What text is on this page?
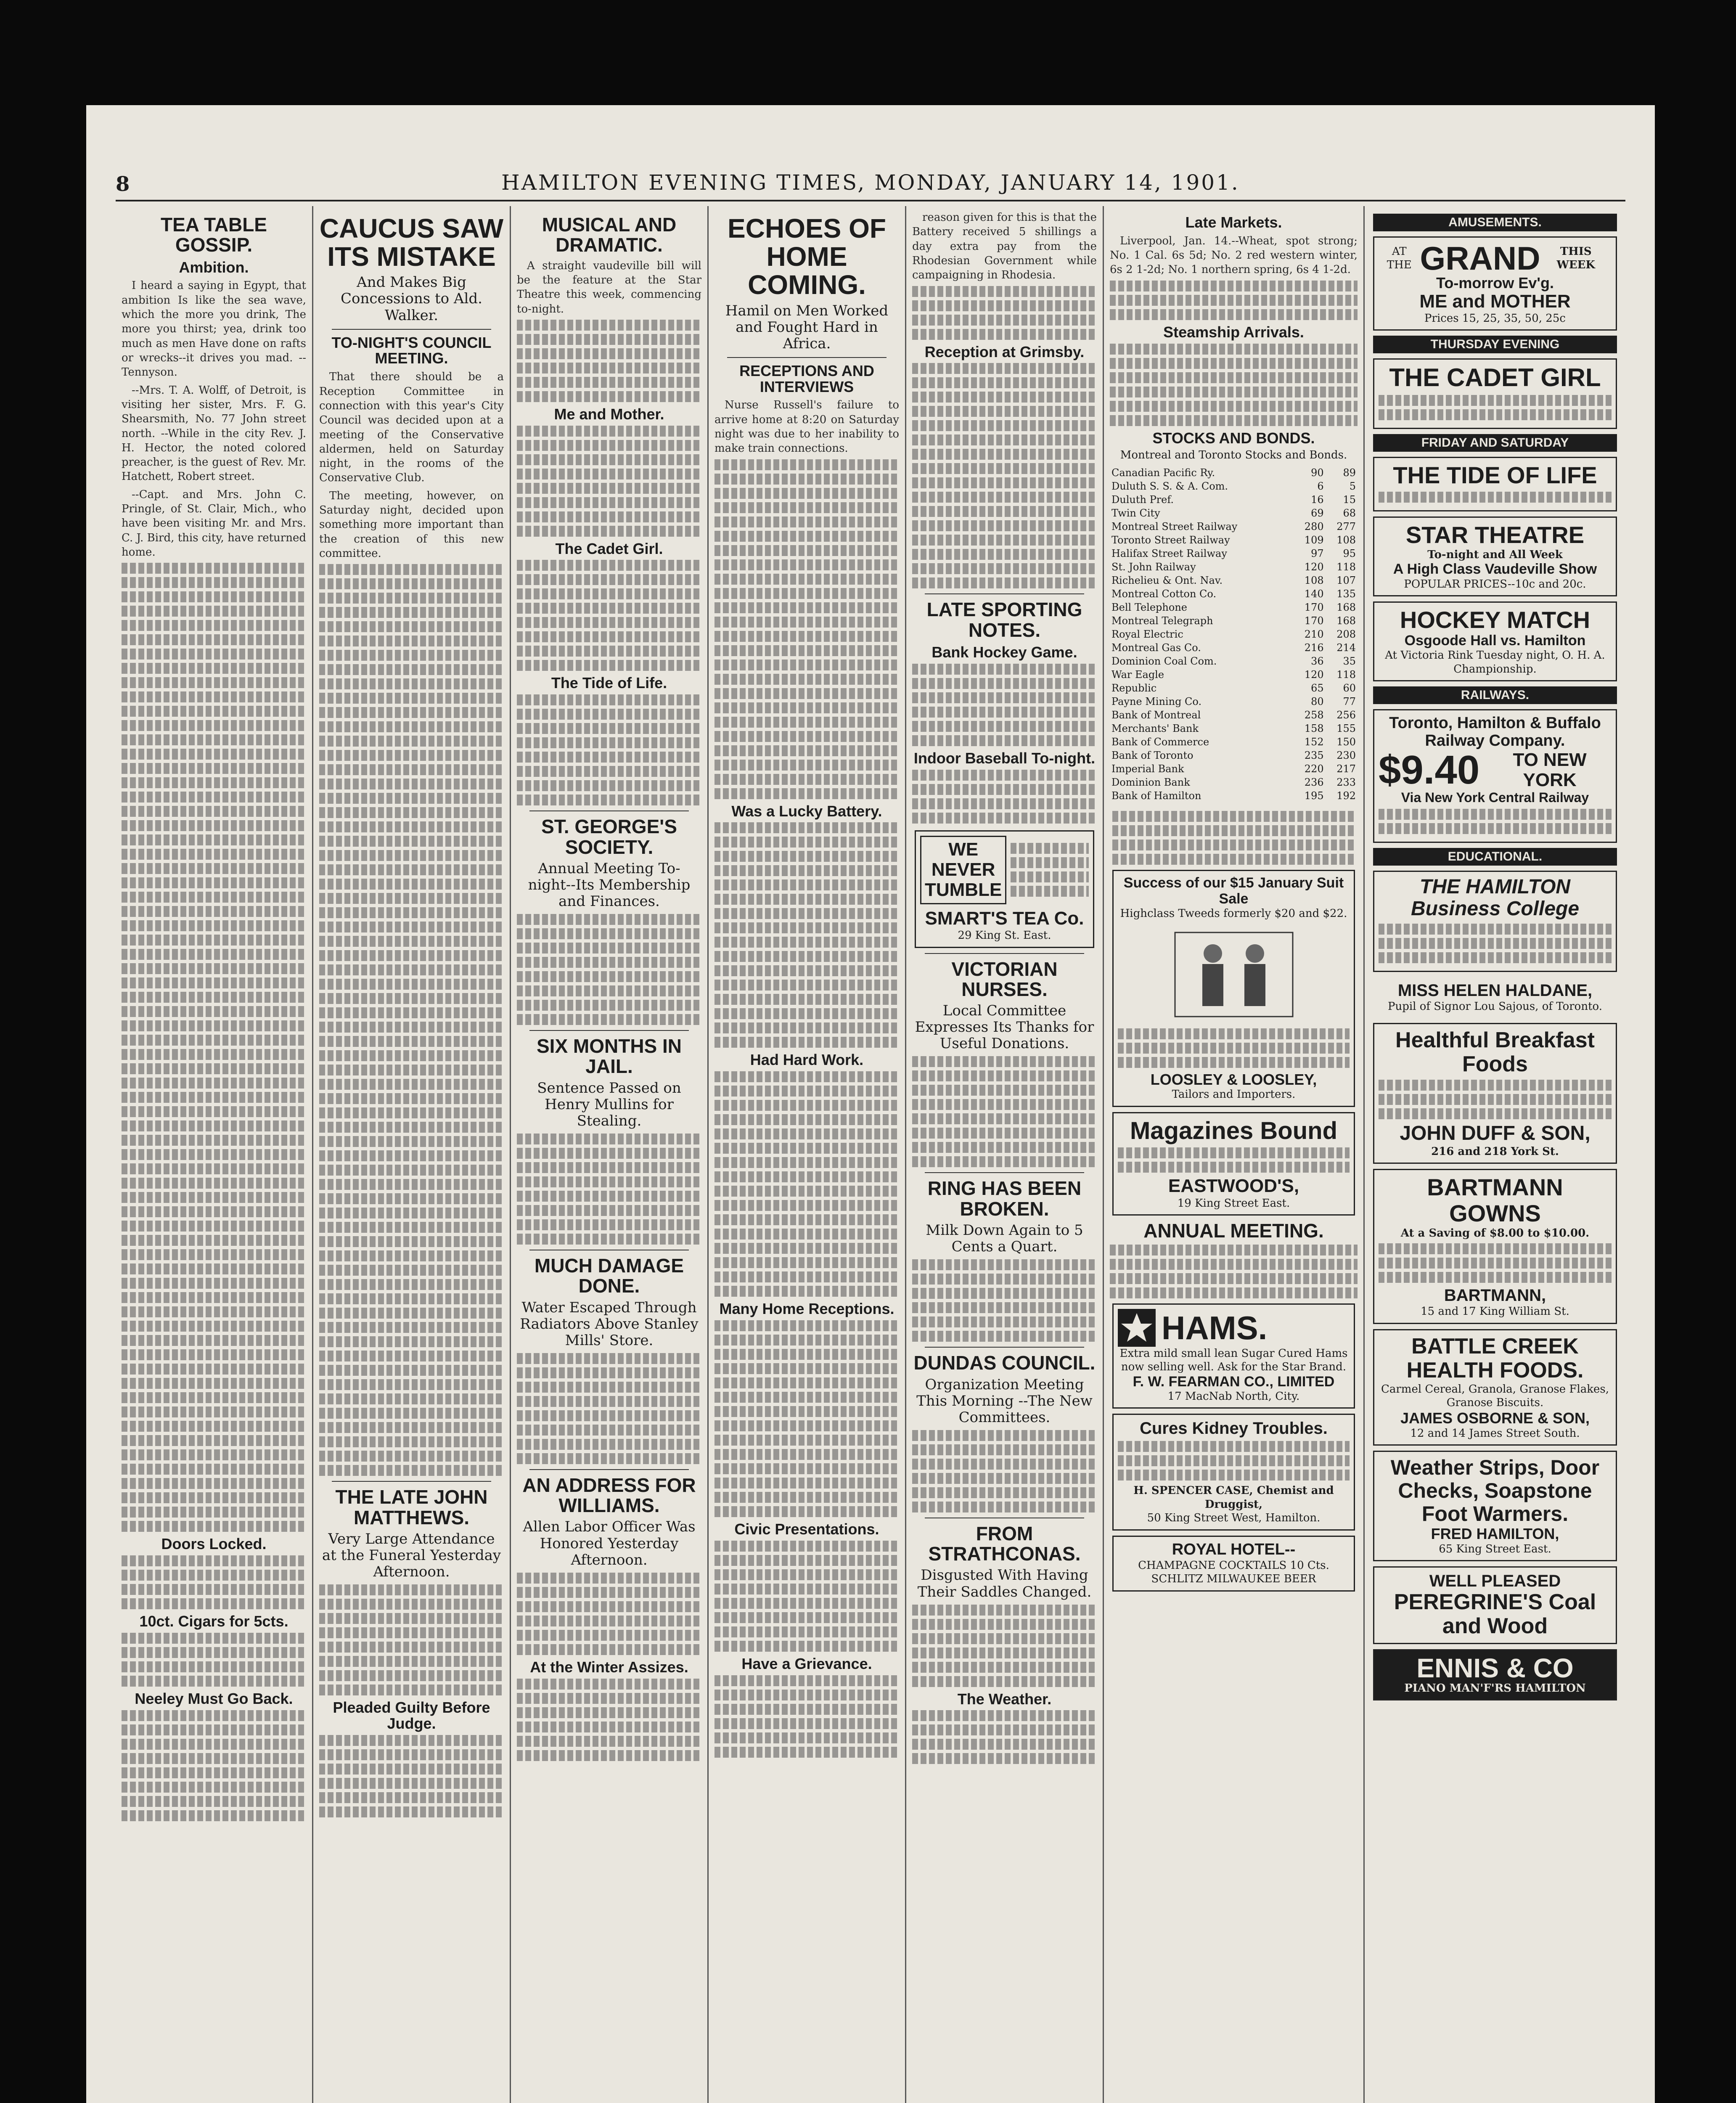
8	HAMILTON EVENING TIMES, MONDAY, JANUARY 14, 1901.
TEA TABLE GOSSIP.
Ambition.

I heard a saying in Egypt, that ambition Is like the sea wave, which the more you drink, The more you thirst; yea, drink too much as men Have done on rafts or wrecks--it drives you mad. --Tennyson.

--Mrs. T. A. Wolff, of Detroit, is visiting her sister, Mrs. F. G. Shearsmith, No. 77 John street north. --While in the city Rev. J. H. Hector, the noted colored preacher, is the guest of Rev. Mr. Hatchett, Robert street.

--Capt. and Mrs. John C. Pringle, of St. Clair, Mich., who have been visiting Mr. and Mrs. C. J. Bird, this city, have returned home.

Doors Locked.
10ct. Cigars for 5cts.
Neeley Must Go Back.
CAUCUS SAW ITS MISTAKE
And Makes Big Concessions to Ald. Walker.
TO-NIGHT'S COUNCIL MEETING.

That there should be a Reception Committee in connection with this year's City Council was decided upon at a meeting of the Conservative aldermen, held on Saturday night, in the rooms of the Conservative Club.

The meeting, however, on Saturday night, decided upon something more important than the creation of this new committee.

THE LATE JOHN MATTHEWS.
Very Large Attendance at the Funeral Yesterday Afternoon.
Pleaded Guilty Before Judge.
MUSICAL AND DRAMATIC.

A straight vaudeville bill will be the feature at the Star Theatre this week, commencing to-night.

Me and Mother.
The Cadet Girl.
The Tide of Life.
ST. GEORGE'S SOCIETY.
Annual Meeting To-night--Its Membership and Finances.
SIX MONTHS IN JAIL.
Sentence Passed on Henry Mullins for Stealing.
MUCH DAMAGE DONE.
Water Escaped Through Radiators Above Stanley Mills' Store.
AN ADDRESS FOR WILLIAMS.
Allen Labor Officer Was Honored Yesterday Afternoon.
At the Winter Assizes.
ECHOES OF HOME COMING.
Hamil on Men Worked and Fought Hard in Africa.
RECEPTIONS AND INTERVIEWS

Nurse Russell's failure to arrive home at 8:20 on Saturday night was due to her inability to make train connections.

Was a Lucky Battery.
Had Hard Work.
Many Home Receptions.
Civic Presentations.
Have a Grievance.

reason given for this is that the Battery received 5 shillings a day extra pay from the Rhodesian Government while campaigning in Rhodesia.

Reception at Grimsby.
LATE SPORTING NOTES.
Bank Hockey Game.
Indoor Baseball To-night.
WE
NEVER
TUMBLE
SMART'S TEA Co.
29 King St. East.
VICTORIAN NURSES.
Local Committee Expresses Its Thanks for Useful Donations.
RING HAS BEEN BROKEN.
Milk Down Again to 5 Cents a Quart.
DUNDAS COUNCIL.
Organization Meeting This Morning --The New Committees.
FROM STRATHCONAS.
Disgusted With Having Their Saddles Changed.
The Weather.
Late Markets.

Liverpool, Jan. 14.--Wheat, spot strong; No. 1 Cal. 6s 5d; No. 2 red western winter, 6s 2 1-2d; No. 1 northern spring, 6s 4 1-2d.

Steamship Arrivals.
STOCKS AND BONDS.
Montreal and Toronto Stocks and Bonds.
Canadian Pacific Ry.	90	89
Duluth S. S. & A. Com.	6	5
Duluth Pref.	16	15
Twin City	69	68
Montreal Street Railway	280	277
Toronto Street Railway	109	108
Halifax Street Railway	97	95
St. John Railway	120	118
Richelieu & Ont. Nav.	108	107
Montreal Cotton Co.	140	135
Bell Telephone	170	168
Montreal Telegraph	170	168
Royal Electric	210	208
Montreal Gas Co.	216	214
Dominion Coal Com.	36	35
War Eagle	120	118
Republic	65	60
Payne Mining Co.	80	77
Bank of Montreal	258	256
Merchants' Bank	158	155
Bank of Commerce	152	150
Bank of Toronto	235	230
Imperial Bank	220	217
Dominion Bank	236	233
Bank of Hamilton	195	192
Success of our $15 January Suit Sale
Highclass Tweeds formerly $20 and $22.
LOOSLEY & LOOSLEY,
Tailors and Importers.
Magazines Bound
EASTWOOD'S,
19 King Street East.
ANNUAL MEETING.
HAMS.
Extra mild small lean Sugar Cured Hams now selling well. Ask for the Star Brand.
F. W. FEARMAN CO., LIMITED
17 MacNab North, City.
Cures Kidney Troubles.
H. SPENCER CASE, Chemist and Druggist,
50 King Street West, Hamilton.
ROYAL HOTEL--
CHAMPAGNE COCKTAILS 10 Cts. SCHLITZ MILWAUKEE BEER
AMUSEMENTS.
AT THE GRAND	THIS WEEK
To-morrow Ev'g.
ME and MOTHER
Prices 15, 25, 35, 50, 25c
THURSDAY EVENING
THE CADET GIRL
FRIDAY AND SATURDAY
THE TIDE OF LIFE
STAR THEATRE
To-night and All Week
A High Class Vaudeville Show
POPULAR PRICES--10c and 20c.
HOCKEY MATCH
Osgoode Hall vs. Hamilton
At Victoria Rink Tuesday night, O. H. A. Championship.
RAILWAYS.
Toronto, Hamilton & Buffalo Railway Company.
$9.40	TO NEW YORK
Via New York Central Railway
EDUCATIONAL.
THE HAMILTON Business College
MISS HELEN HALDANE,
Pupil of Signor Lou Sajous, of Toronto.
Healthful Breakfast Foods
JOHN DUFF & SON,
216 and 218 York St.
BARTMANN GOWNS
At a Saving of $8.00 to $10.00.
BARTMANN,
15 and 17 King William St.
BATTLE CREEK HEALTH FOODS.
Carmel Cereal, Granola, Granose Flakes, Granose Biscuits.
JAMES OSBORNE & SON,
12 and 14 James Street South.
Weather Strips, Door Checks, Soapstone Foot Warmers.
FRED HAMILTON,
65 King Street East.
WELL PLEASED
PEREGRINE'S Coal and Wood
ENNIS & CO
PIANO MAN'F'RS HAMILTON
